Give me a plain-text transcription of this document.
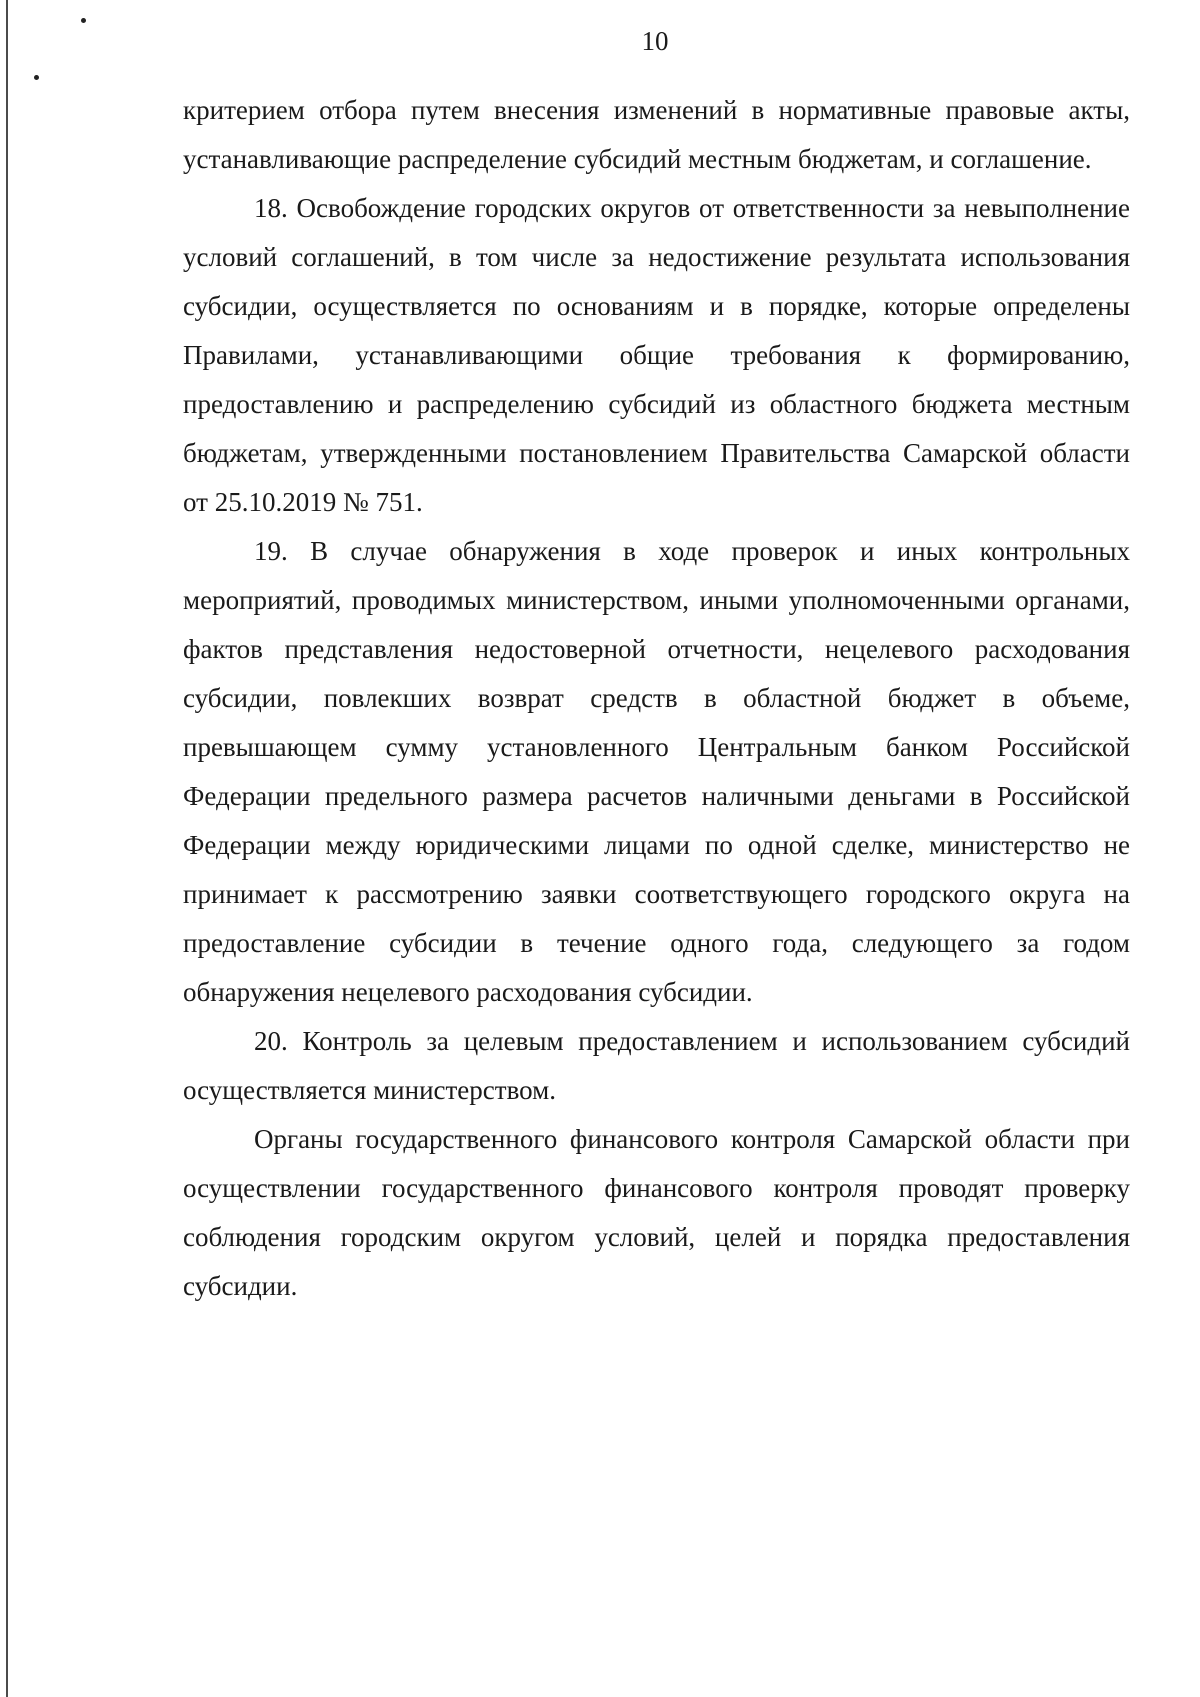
10

критерием отбора путем внесения изменений в нормативные правовые акты, устанавливающие распределение субсидий местным бюджетам, и соглашение.

18. Освобождение городских округов от ответственности за невыполнение условий соглашений, в том числе за недостижение результата использования субсидии, осуществляется по основаниям и в порядке, которые определены Правилами, устанавливающими общие требования к формированию, предоставлению и распределению субсидий из областного бюджета местным бюджетам, утвержденными постановлением Правительства Самарской области от 25.10.2019 № 751.

19. В случае обнаружения в ходе проверок и иных контрольных мероприятий, проводимых министерством, иными уполномоченными органами, фактов представления недостоверной отчетности, нецелевого расходования субсидии, повлекших возврат средств в областной бюджет в объеме, превышающем сумму установленного Центральным банком Российской Федерации предельного размера расчетов наличными деньгами в Российской Федерации между юридическими лицами по одной сделке, министерство не принимает к рассмотрению заявки соответствующего городского округа на предоставление субсидии в течение одного года, следующего за годом обнаружения нецелевого расходования субсидии.

20. Контроль за целевым предоставлением и использованием субсидий осуществляется министерством.

Органы государственного финансового контроля Самарской области при осуществлении государственного финансового контроля проводят проверку соблюдения городским округом условий, целей и порядка предоставления субсидии.
